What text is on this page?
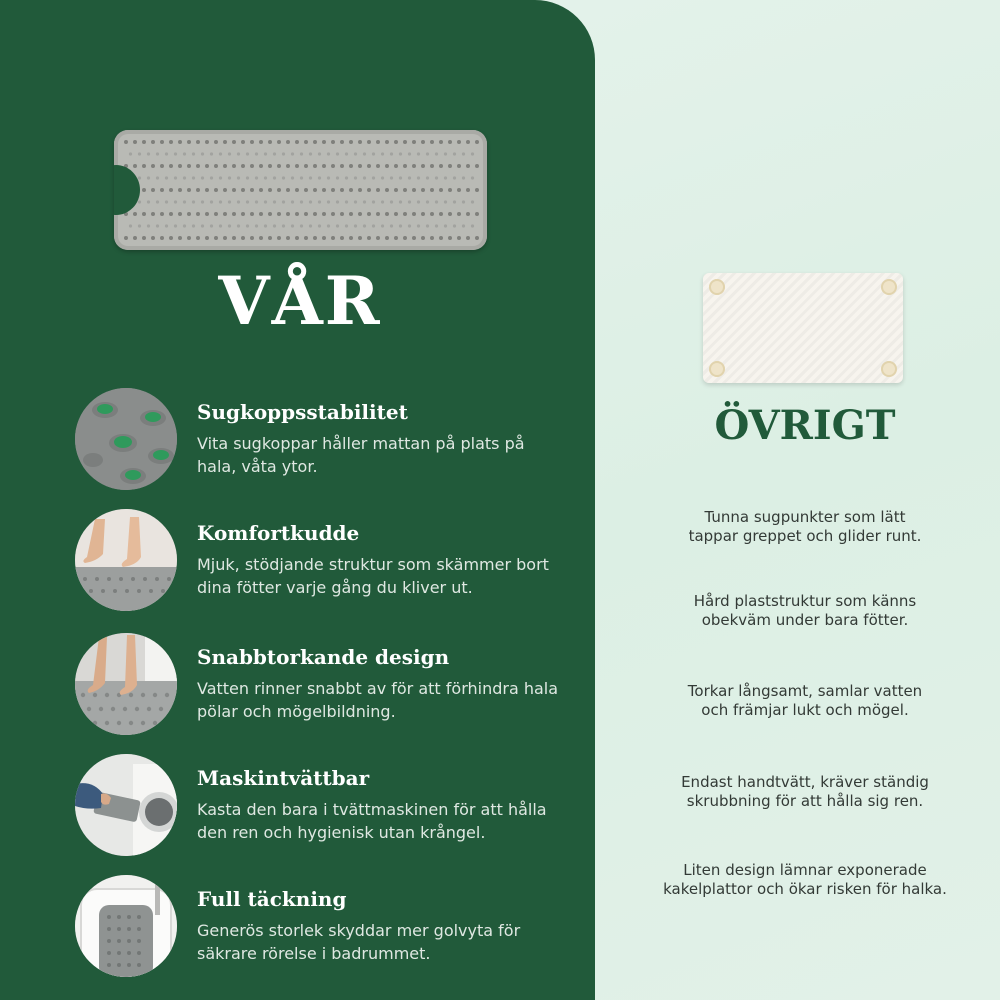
VÅR
Sugkoppsstabilitet
Vita sugkoppar håller mattan på plats på hala, våta ytor.
Komfortkudde
Mjuk, stödjande struktur som skämmer bort dina fötter varje gång du kliver ut.
Snabbtorkande design
Vatten rinner snabbt av för att förhindra hala pölar och mögelbildning.
Maskintvättbar
Kasta den bara i tvättmaskinen för att hålla den ren och hygienisk utan krångel.
Full täckning
Generös storlek skyddar mer golvyta för säkrare rörelse i badrummet.
ÖVRIGT
Tunna sugpunkter som lätt
tappar greppet och glider runt.
Hård plaststruktur som känns
obekväm under bara fötter.
Torkar långsamt, samlar vatten
och främjar lukt och mögel.
Endast handtvätt, kräver ständig
skrubbning för att hålla sig ren.
Liten design lämnar exponerade
kakelplattor och ökar risken för halka.
